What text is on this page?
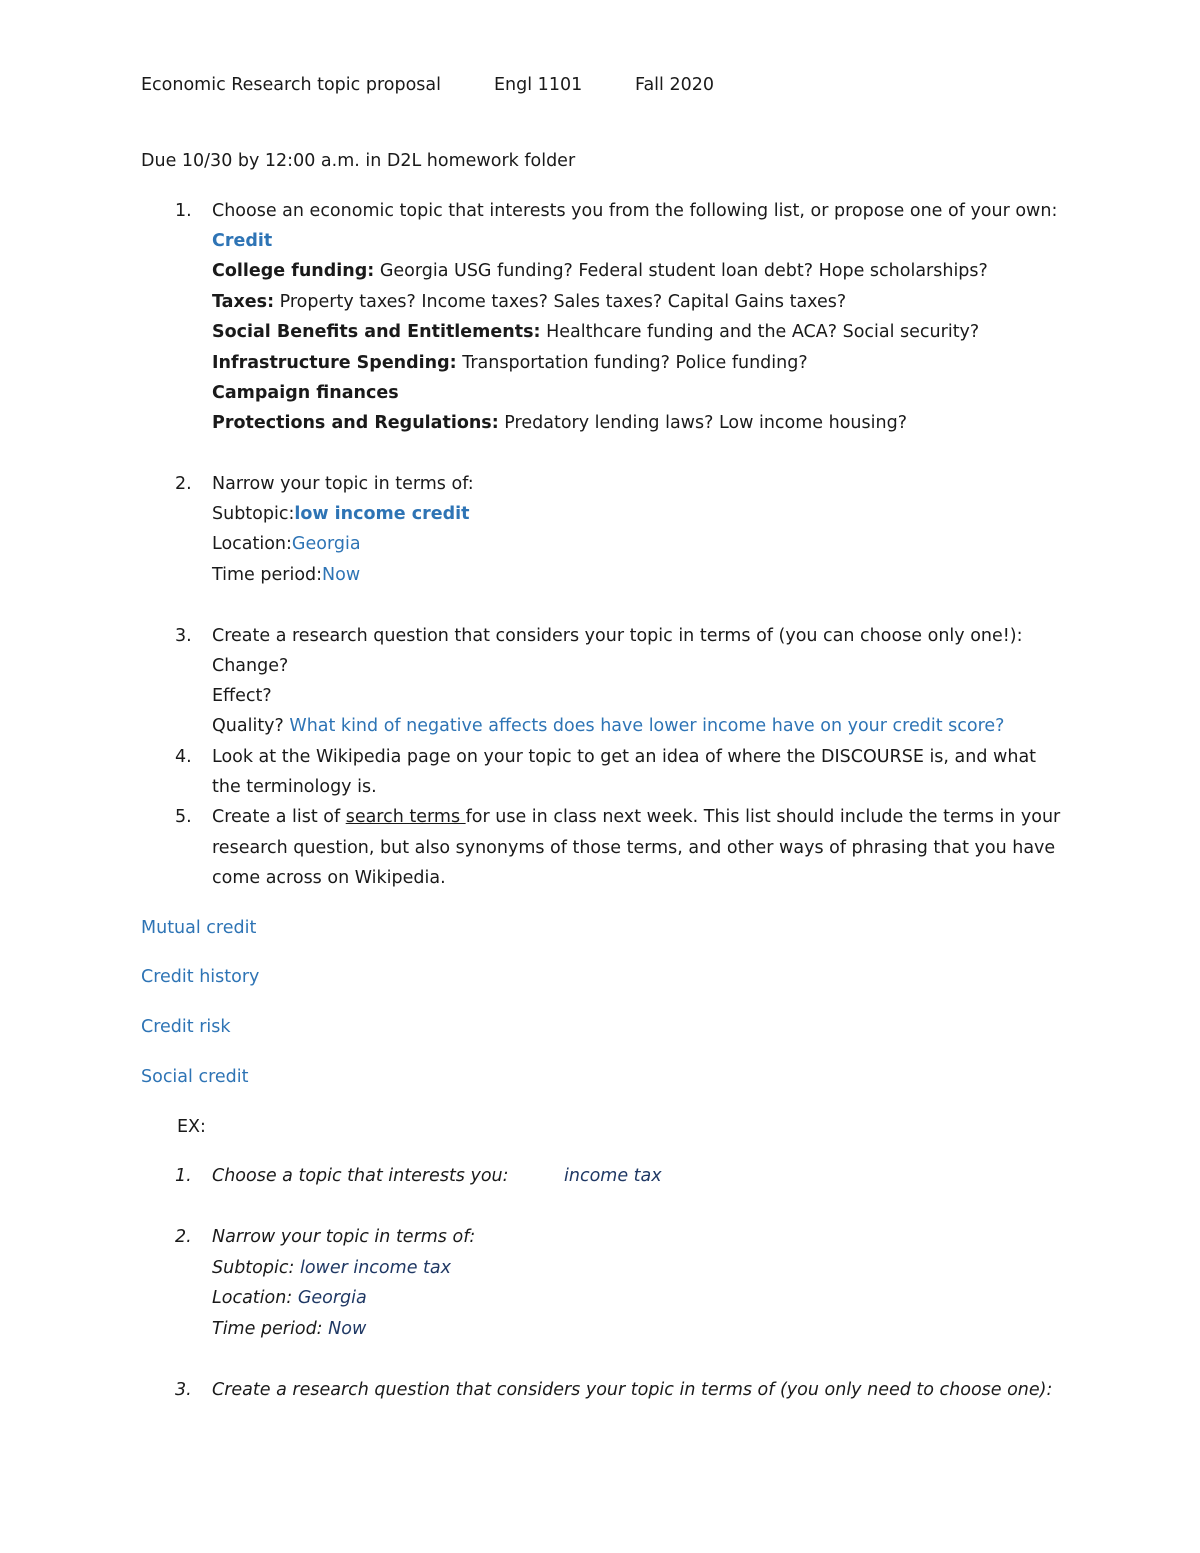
Economic Research topic proposal	Engl 1101	Fall 2020
Due 10/30 by 12:00 a.m. in D2L homework folder
1.	Choose an economic topic that interests you from the following list, or propose one of your own:
Credit
College funding: Georgia USG funding? Federal student loan debt? Hope scholarships?
Taxes: Property taxes? Income taxes? Sales taxes? Capital Gains taxes?
Social Benefits and Entitlements: Healthcare funding and the ACA? Social security?
Infrastructure Spending: Transportation funding? Police funding?
Campaign finances
Protections and Regulations: Predatory lending laws? Low income housing?
2.	Narrow your topic in terms of:
Subtopic:low income credit
Location:Georgia
Time period:Now
3.	Create a research question that considers your topic in terms of (you can choose only one!):
Change?
Effect?
Quality? What kind of negative affects does have lower income have on your credit score?
4.	Look at the Wikipedia page on your topic to get an idea of where the DISCOURSE is, and what
the terminology is.
5.	Create a list of search terms for use in class next week. This list should include the terms in your
research question, but also synonyms of those terms, and other ways of phrasing that you have
come across on Wikipedia.
Mutual credit
Credit history
Credit risk
Social credit
EX:
1.	Choose a topic that interests you:	income tax
2.	Narrow your topic in terms of:
Subtopic: lower income tax
Location: Georgia
Time period: Now
3.	Create a research question that considers your topic in terms of (you only need to choose one):
